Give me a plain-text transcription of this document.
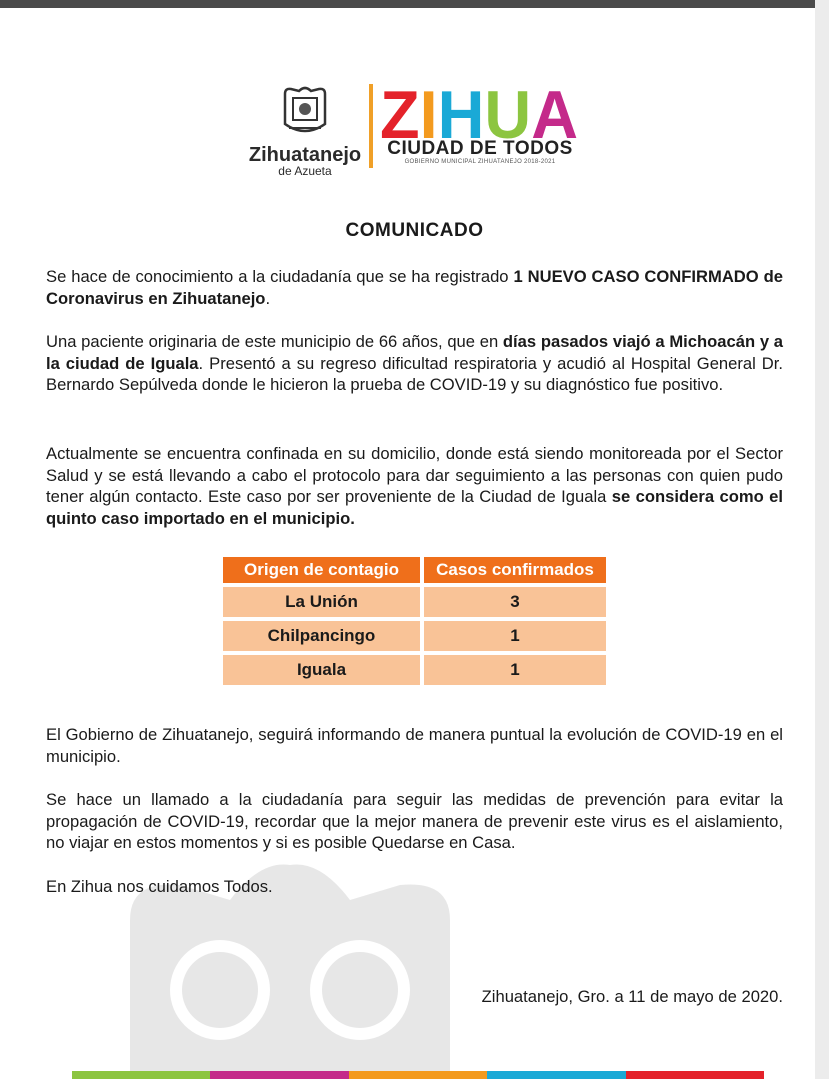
Zihuatanejo
de Azueta
ZIHUA
CIUDAD DE TODOS
GOBIERNO MUNICIPAL ZIHUATANEJO 2018-2021
COMUNICADO
Se hace de conocimiento a la ciudadanía que se ha registrado 1 NUEVO CASO CONFIRMADO de Coronavirus en Zihuatanejo.
Una paciente originaria de este municipio de 66 años, que en días pasados viajó a Michoacán y a la ciudad de Iguala. Presentó a su regreso dificultad respiratoria y acudió al Hospital General Dr. Bernardo Sepúlveda donde le hicieron la prueba de COVID-19 y su diagnóstico fue positivo.
Actualmente se encuentra confinada en su domicilio, donde está siendo monitoreada por el Sector Salud y se está llevando a cabo el protocolo para dar seguimiento a las personas con quien pudo tener algún contacto. Este caso por ser proveniente de la Ciudad de Iguala se considera como el quinto caso importado en el municipio.
Origen de contagio	Casos confirmados
La Unión	3
Chilpancingo	1
Iguala	1
El Gobierno de Zihuatanejo, seguirá informando de manera puntual la evolución de COVID-19 en el municipio.
Se hace un llamado a la ciudadanía para seguir las medidas de prevención para evitar la propagación de COVID-19, recordar que la mejor manera de prevenir este virus es el aislamiento, no viajar en estos momentos y si es posible Quedarse en Casa.
En Zihua nos cuidamos Todos.
Zihuatanejo, Gro. a 11 de mayo de 2020.
